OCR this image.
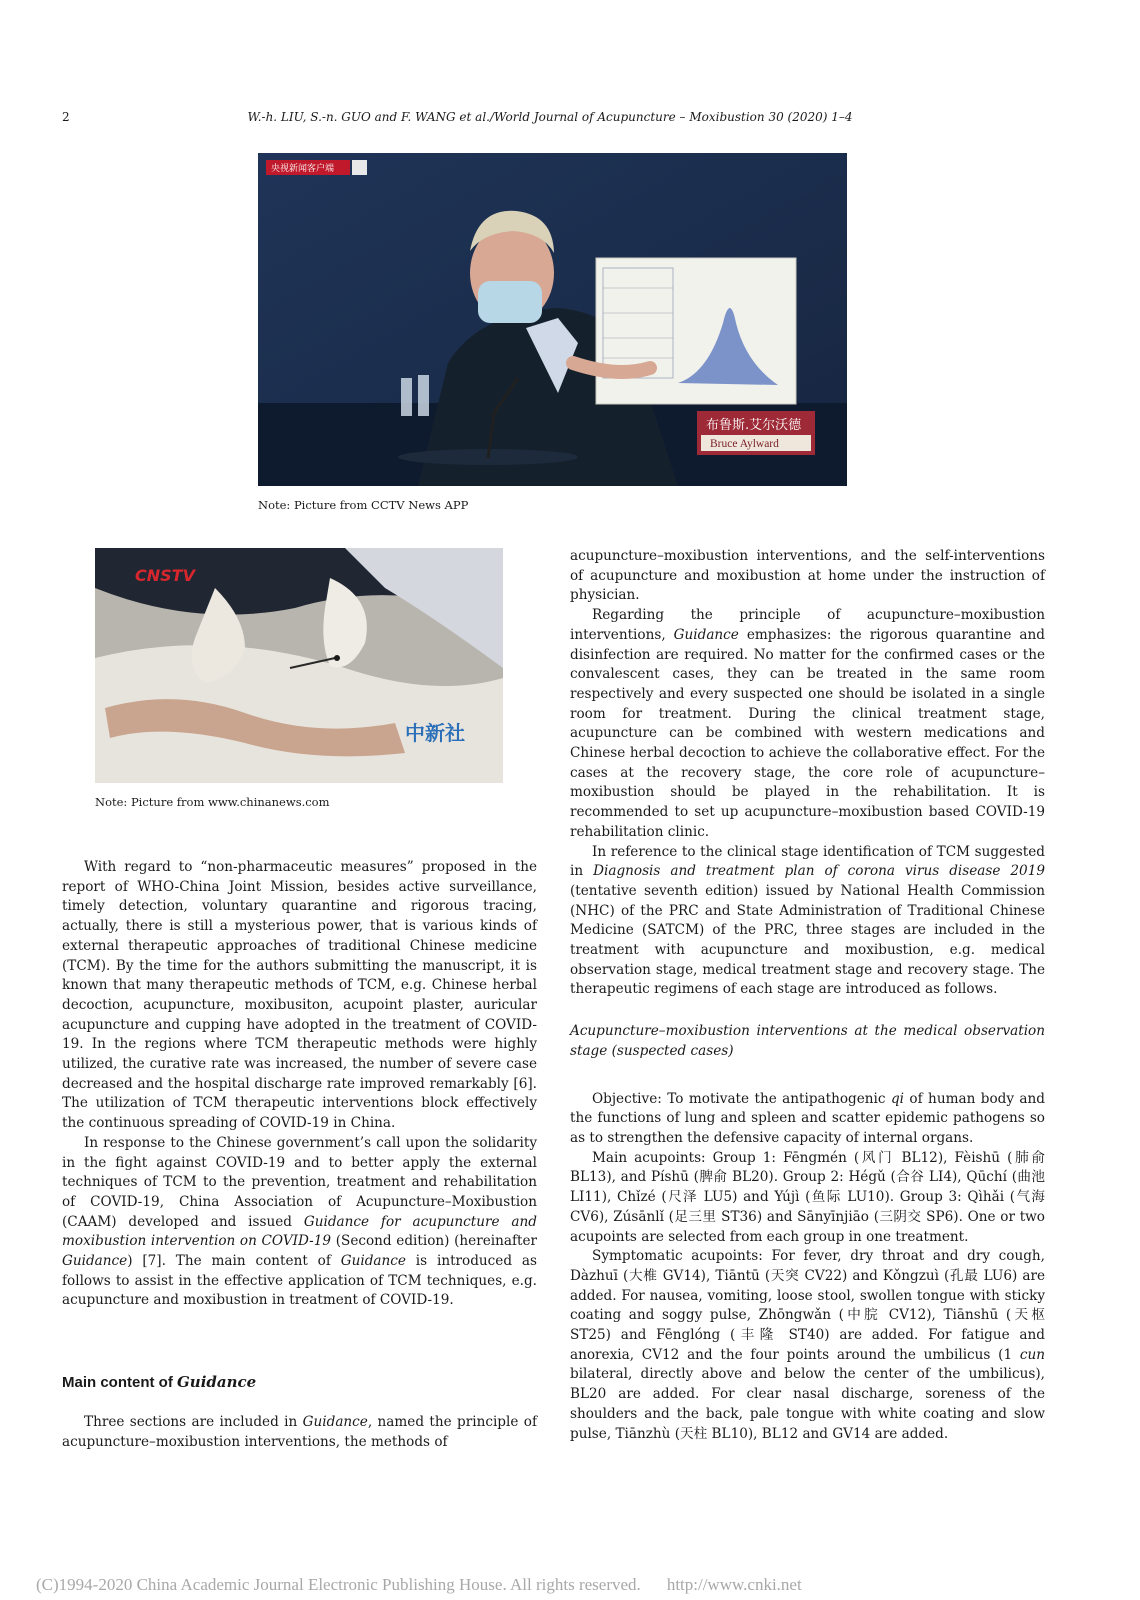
2	W.-h. LIU, S.-n. GUO and F. WANG et al./World Journal of Acupuncture – Moxibustion 30 (2020) 1–4
央视新闻客户端
布鲁斯.艾尔沃德
Bruce Aylward
Note: Picture from CCTV News APP
CNSTV
中新社
Note: Picture from www.chinanews.com

With regard to “non-pharmaceutic measures” proposed in the report of WHO-China Joint Mission, besides active surveillance, timely detection, voluntary quarantine and rigorous tracing, actually, there is still a mysterious power, that is various kinds of external therapeutic approaches of traditional Chinese medicine (TCM). By the time for the authors submitting the manuscript, it is known that many therapeutic methods of TCM, e.g. Chinese herbal decoction, acupuncture, moxibusiton, acupoint plaster, auricular acupuncture and cupping have adopted in the treatment of COVID-19. In the regions where TCM therapeutic methods were highly utilized, the curative rate was increased, the number of severe case decreased and the hospital discharge rate improved remarkably [6]. The utilization of TCM therapeutic interventions block effectively the continuous spreading of COVID-19 in China.

In response to the Chinese government’s call upon the solidarity in the fight against COVID-19 and to better apply the external techniques of TCM to the prevention, treatment and rehabilitation of COVID-19, China Association of Acupuncture–Moxibustion (CAAM) developed and issued Guidance for acupuncture and moxibustion intervention on COVID-19 (Second edition) (hereinafter Guidance) [7]. The main content of Guidance is introduced as follows to assist in the effective application of TCM techniques, e.g. acupuncture and moxibustion in treatment of COVID-19.

Main content of Guidance

Three sections are included in Guidance, named the principle of acupuncture–moxibustion interventions, the methods of

acupuncture–moxibustion interventions, and the self-interventions of acupuncture and moxibustion at home under the instruction of physician.

Regarding the principle of acupuncture–moxibustion interventions, Guidance emphasizes: the rigorous quarantine and disinfection are required. No matter for the confirmed cases or the convalescent cases, they can be treated in the same room respectively and every suspected one should be isolated in a single room for treatment. During the clinical treatment stage, acupuncture can be combined with western medications and Chinese herbal decoction to achieve the collaborative effect. For the cases at the recovery stage, the core role of acupuncture–moxibustion should be played in the rehabilitation. It is recommended to set up acupuncture–moxibustion based COVID-19 rehabilitation clinic.

In reference to the clinical stage identification of TCM suggested in Diagnosis and treatment plan of corona virus disease 2019 (tentative seventh edition) issued by National Health Commission (NHC) of the PRC and State Administration of Traditional Chinese Medicine (SATCM) of the PRC, three stages are included in the treatment with acupuncture and moxibustion, e.g. medical observation stage, medical treatment stage and recovery stage. The therapeutic regimens of each stage are introduced as follows.

Acupuncture–moxibustion interventions at the medical observation stage (suspected cases)

Objective: To motivate the antipathogenic qi of human body and the functions of lung and spleen and scatter epidemic pathogens so as to strengthen the defensive capacity of internal organs.

Main acupoints: Group 1: Fēngmén (风门 BL12), Fèishū (肺俞 BL13), and Píshū (脾俞 BL20). Group 2: Hégǔ (合谷 LI4), Qūchí (曲池 LI11), Chǐzé (尺泽 LU5) and Yújì (鱼际 LU10). Group 3: Qìhǎi (气海 CV6), Zúsānlǐ (足三里 ST36) and Sānyīnjiāo (三阴交 SP6). One or two acupoints are selected from each group in one treatment.

Symptomatic acupoints: For fever, dry throat and dry cough, Dàzhuī (大椎 GV14), Tiāntū (天突 CV22) and Kǒngzuì (孔最 LU6) are added. For nausea, vomiting, loose stool, swollen tongue with sticky coating and soggy pulse, Zhōngwǎn (中脘 CV12), Tiānshū (天枢 ST25) and Fēnglóng (丰隆 ST40) are added. For fatigue and anorexia, CV12 and the four points around the umbilicus (1 cun bilateral, directly above and below the center of the umbilicus), BL20 are added. For clear nasal discharge, soreness of the shoulders and the back, pale tongue with white coating and slow pulse, Tiānzhù (天柱 BL10), BL12 and GV14 are added.

(C)1994-2020 China Academic Journal Electronic Publishing House. All rights reserved. http://www.cnki.net
